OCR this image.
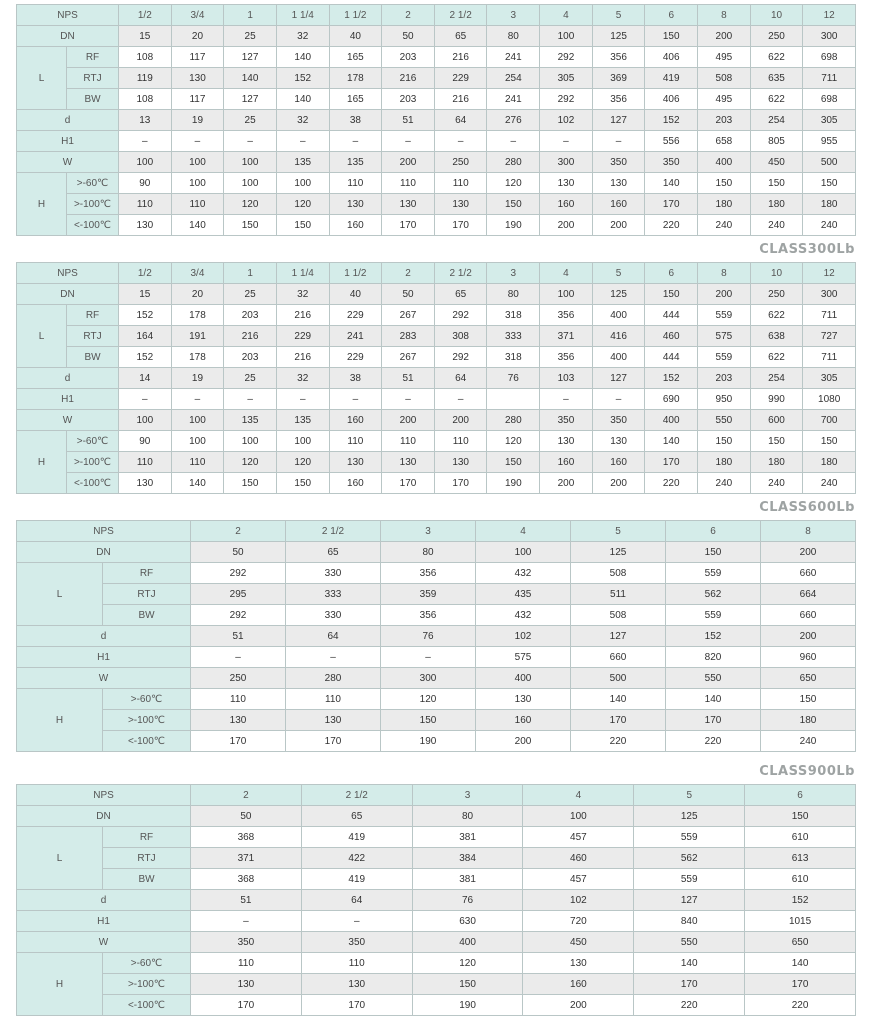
NPS		1/2	3/4	1	1 1/4	1 1/2	2	2 1/2	3	4	5	6	8	10	12
DN		15	20	25	32	40	50	65	80	100	125	150	200	250	300
L	RF	108	117	127	140	165	203	216	241	292	356	406	495	622	698
	RTJ	119	130	140	152	178	216	229	254	305	369	419	508	635	711
	BW	108	117	127	140	165	203	216	241	292	356	406	495	622	698
d		13	19	25	32	38	51	64	276	102	127	152	203	254	305
H1		–	–	–	–	–	–	–	–	–	–	556	658	805	955
W		100	100	100	135	135	200	250	280	300	350	350	400	450	500
H	>-60℃	90	100	100	100	110	110	110	120	130	130	140	150	150	150
	>-100℃	110	110	120	120	130	130	130	150	160	160	170	180	180	180
	<-100℃	130	140	150	150	160	170	170	190	200	200	220	240	240	240
CLASS300Lb
NPS		1/2	3/4	1	1 1/4	1 1/2	2	2 1/2	3	4	5	6	8	10	12
DN		15	20	25	32	40	50	65	80	100	125	150	200	250	300
L	RF	152	178	203	216	229	267	292	318	356	400	444	559	622	711
	RTJ	164	191	216	229	241	283	308	333	371	416	460	575	638	727
	BW	152	178	203	216	229	267	292	318	356	400	444	559	622	711
d		14	19	25	32	38	51	64	76	103	127	152	203	254	305
H1		–	–	–	–	–	–	–		–	–	690	950	990	1080
W		100	100	135	135	160	200	200	280	350	350	400	550	600	700
H	>-60℃	90	100	100	100	110	110	110	120	130	130	140	150	150	150
	>-100℃	110	110	120	120	130	130	130	150	160	160	170	180	180	180
	<-100℃	130	140	150	150	160	170	170	190	200	200	220	240	240	240
CLASS600Lb
NPS		2	2 1/2	3	4	5	6	8
DN		50	65	80	100	125	150	200
L	RF	292	330	356	432	508	559	660
	RTJ	295	333	359	435	511	562	664
	BW	292	330	356	432	508	559	660
d		51	64	76	102	127	152	200
H1		–	–	–	575	660	820	960
W		250	280	300	400	500	550	650
H	>-60℃	110	110	120	130	140	140	150
	>-100℃	130	130	150	160	170	170	180
	<-100℃	170	170	190	200	220	220	240
CLASS900Lb
NPS		2	2 1/2	3	4	5	6
DN		50	65	80	100	125	150
L	RF	368	419	381	457	559	610
	RTJ	371	422	384	460	562	613
	BW	368	419	381	457	559	610
d		51	64	76	102	127	152
H1		–	–	630	720	840	1015
W		350	350	400	450	550	650
H	>-60℃	110	110	120	130	140	140
	>-100℃	130	130	150	160	170	170
	<-100℃	170	170	190	200	220	220
